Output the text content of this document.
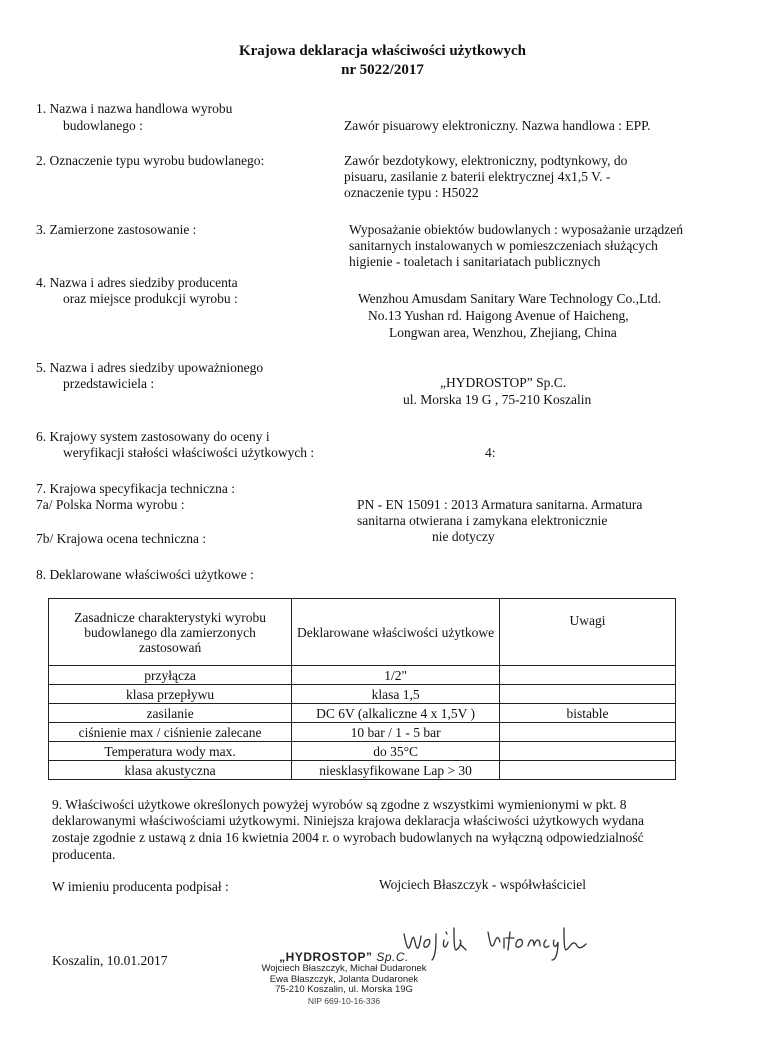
Krajowa deklaracja właściwości użytkowych
nr 5022/2017
1. Nazwa i nazwa handlowa wyrobu
budowlanego :	Zawór pisuarowy elektroniczny. Nazwa handlowa : EPP.
2. Oznaczenie typu wyrobu budowlanego:	Zawór bezdotykowy, elektroniczny, podtynkowy, do pisuaru, zasilanie z baterii elektrycznej 4x1,5 V. - oznaczenie typu : H5022
3. Zamierzone zastosowanie :	Wyposażanie obiektów budowlanych : wyposażanie urządzeń sanitarnych instalowanych w pomieszczeniach służących higienie - toaletach i sanitariatach publicznych
4. Nazwa i adres siedziby producenta
oraz miejsce produkcji wyrobu :	Wenzhou Amusdam Sanitary Ware Technology Co.,Ltd.
No.13 Yushan rd. Haigong Avenue of Haicheng,
Longwan area, Wenzhou, Zhejiang, China
5. Nazwa i adres siedziby upoważnionego
przedstawiciela :	„HYDROSTOP” Sp.C.
ul. Morska 19 G , 75-210 Koszalin
6. Krajowy system zastosowany do oceny i
weryfikacji stałości właściwości użytkowych :	4:
7. Krajowa specyfikacja techniczna :
7a/ Polska Norma wyrobu :	PN - EN 15091 : 2013 Armatura sanitarna. Armatura
sanitarna otwierana i zamykana elektronicznie
7b/ Krajowa ocena techniczna :	nie dotyczy
8. Deklarowane właściwości użytkowe :
Zasadnicze charakterystyki wyrobu budowlanego dla zamierzonych zastosowań	Deklarowane właściwości użytkowe	Uwagi
przyłącza	1/2"	
klasa przepływu	klasa 1,5	
zasilanie	DC 6V (alkaliczne 4 x 1,5V )	bistable
ciśnienie max / ciśnienie zalecane	10 bar / 1 - 5 bar	
Temperatura wody max.	do 35°C	
klasa akustyczna	niesklasyfikowane Lap > 30	
9. Właściwości użytkowe określonych powyżej wyrobów są zgodne z wszystkimi wymienionymi w pkt. 8
deklarowanymi właściwościami użytkowymi. Niniejsza krajowa deklaracja właściwości użytkowych wydana
zostaje zgodnie z ustawą z dnia 16 kwietnia 2004 r. o wyrobach budowlanych na wyłączną odpowiedzialność
producenta.
W imieniu producenta podpisał :	Wojciech Błaszczyk - współwłaściciel
Koszalin, 10.01.2017	„HYDROSTOP” Sp.C.
Wojciech Błaszczyk, Michał Dudaronek
Ewa Błaszczyk, Jolanta Dudaronek
75-210 Koszalin, ul. Morska 19G
NIP 669-10-16-336
